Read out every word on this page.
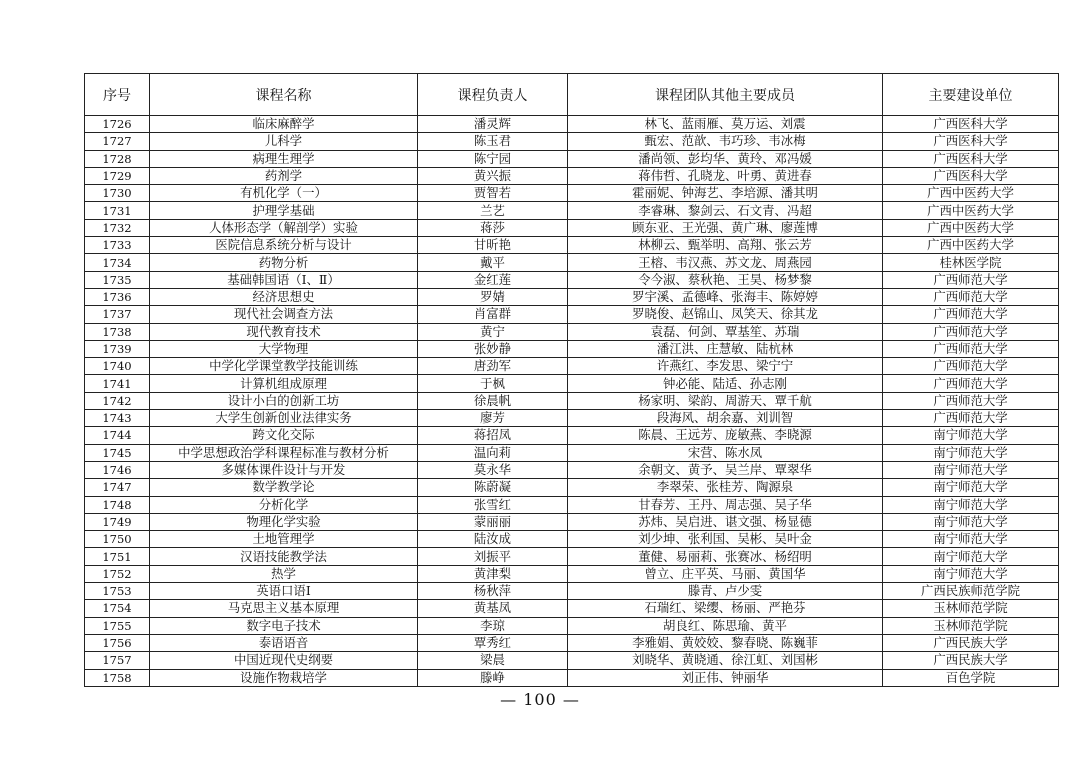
序号	课程名称	课程负责人	课程团队其他主要成员	主要建设单位
1726	临床麻醉学	潘灵辉	林飞、蓝雨雁、莫万运、刘震	广西医科大学
1727	儿科学	陈玉君	甄宏、范歆、韦巧珍、韦冰梅	广西医科大学
1728	病理生理学	陈宁园	潘尚领、彭均华、黄玲、邓冯媛	广西医科大学
1729	药剂学	黄兴振	蒋伟哲、孔晓龙、叶勇、黄进春	广西医科大学
1730	有机化学（一）	贾智若	霍丽妮、钟海艺、李培源、潘其明	广西中医药大学
1731	护理学基础	兰艺	李睿琳、黎剑云、石文青、冯超	广西中医药大学
1732	人体形态学（解剖学）实验	蒋莎	顾东亚、王光强、黄广琳、廖莲博	广西中医药大学
1733	医院信息系统分析与设计	甘昕艳	林柳云、甄举明、高翔、张云芳	广西中医药大学
1734	药物分析	戴平	王榕、韦汉燕、苏文龙、周燕园	桂林医学院
1735	基础韩国语（Ⅰ、Ⅱ）	金红莲	令今淑、蔡秋艳、王昊、杨梦黎	广西师范大学
1736	经济思想史	罗婧	罗宇溪、孟德峰、张海丰、陈婷婷	广西师范大学
1737	现代社会调查方法	肖富群	罗晓俊、赵锦山、凤笑天、徐其龙	广西师范大学
1738	现代教育技术	黄宁	袁磊、何剑、覃基笙、苏瑞	广西师范大学
1739	大学物理	张妙静	潘江洪、庄慧敏、陆杭林	广西师范大学
1740	中学化学课堂教学技能训练	唐劲军	许燕红、李发思、梁宁宁	广西师范大学
1741	计算机组成原理	于枫	钟必能、陆适、孙志刚	广西师范大学
1742	设计小白的创新工坊	徐晨帆	杨家明、梁韵、周游天、覃千航	广西师范大学
1743	大学生创新创业法律实务	廖芳	段海风、胡余嘉、刘训智	广西师范大学
1744	跨文化交际	蒋招凤	陈晨、王远芳、庞敏燕、李晓源	南宁师范大学
1745	中学思想政治学科课程标准与教材分析	温向莉	宋营、陈水凤	南宁师范大学
1746	多媒体课件设计与开发	莫永华	余朝文、黄予、吴兰岸、覃翠华	南宁师范大学
1747	数学教学论	陈蔚凝	李翠荣、张桂芳、陶源泉	南宁师范大学
1748	分析化学	张雪红	甘春芳、王丹、周志强、吴子华	南宁师范大学
1749	物理化学实验	蒙丽丽	苏炜、吴启进、谌文强、杨显德	南宁师范大学
1750	土地管理学	陆汝成	刘少坤、张利国、吴彬、吴叶金	南宁师范大学
1751	汉语技能教学法	刘振平	董健、易丽莉、张赛冰、杨绍明	南宁师范大学
1752	热学	黄津梨	曾立、庄平英、马丽、黄国华	南宁师范大学
1753	英语口语Ⅰ	杨秋萍	滕青、卢少雯	广西民族师范学院
1754	马克思主义基本原理	黄基凤	石瑞红、梁缨、杨丽、严艳芬	玉林师范学院
1755	数字电子技术	李琼	胡良红、陈思瑜、黄平	玉林师范学院
1756	泰语语音	覃秀红	李雅娟、黄姣姣、黎春晓、陈巍菲	广西民族大学
1757	中国近现代史纲要	梁晨	刘晓华、黄晓通、徐江虹、刘国彬	广西民族大学
1758	设施作物栽培学	滕峥	刘正伟、钟丽华	百色学院
— 100 —
